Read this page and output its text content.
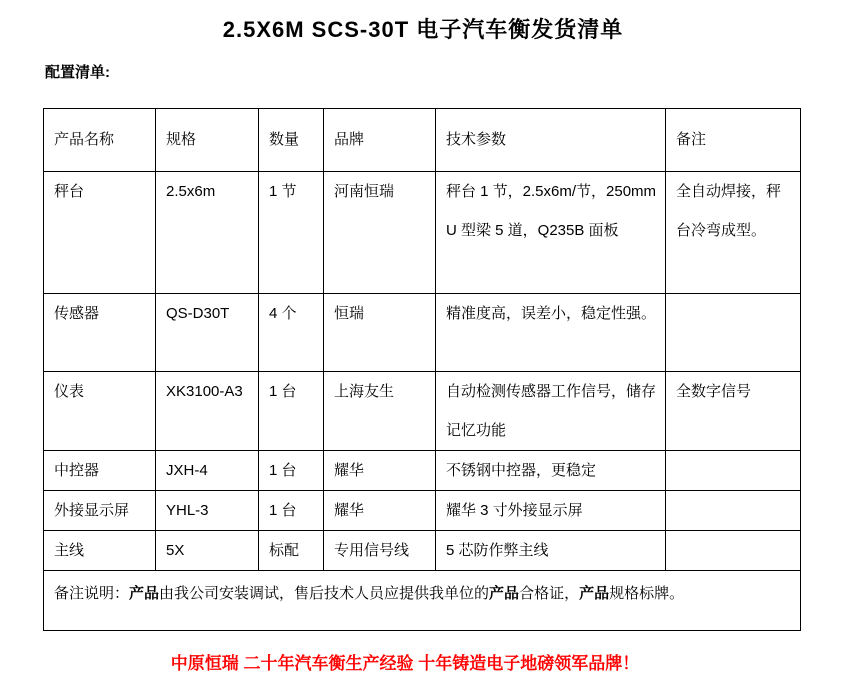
2.5X6M SCS-30T 电子汽车衡发货清单
配置清单:
产品名称	规格	数量	品牌	技术参数	备注
秤台	2.5x6m	1 节	河南恒瑞	秤台 1 节，2.5x6m/节，250mmU 型梁 5 道，Q235B 面板	全自动焊接，秤台冷弯成型。
传感器	QS-D30T	4 个	恒瑞	精准度高，误差小，稳定性强。	
仪表	XK3100-A3	1 台	上海友生	自动检测传感器工作信号，储存记忆功能	全数字信号
中控器	JXH-4	1 台	耀华	不锈钢中控器，更稳定	
外接显示屏	YHL-3	1 台	耀华	耀华 3 寸外接显示屏	
主线	5X	标配	专用信号线	5 芯防作弊主线	
备注说明：产品由我公司安装调试，售后技术人员应提供我单位的产品合格证，产品规格标牌。					
中原恒瑞 二十年汽车衡生产经验 十年铸造电子地磅领军品牌！
